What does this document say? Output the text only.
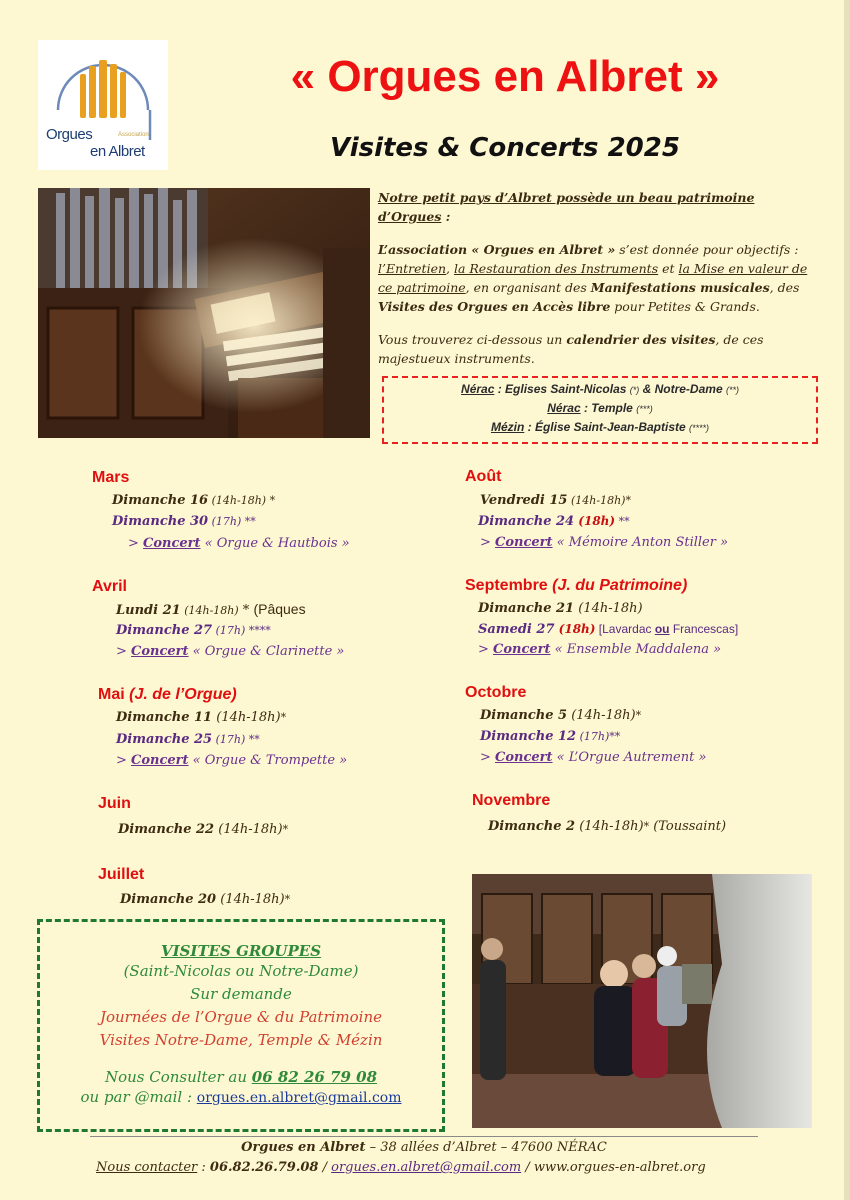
Orgues	Association
en Albret
« Orgues en Albret »
Visites & Concerts 2025
Notre petit pays d’Albret possède un beau patrimoine d’Orgues :
L’association « Orgues en Albret » s’est donnée pour objectifs : l’Entretien, la Restauration des Instruments et la Mise en valeur de ce patrimoine, en organisant des Manifestations musicales, des Visites des Orgues en Accès libre pour Petites & Grands.
Vous trouverez ci-dessous un calendrier des visites, de ces majestueux instruments.
Nérac : Eglises Saint-Nicolas (*) & Notre-Dame (**)
Nérac : Temple (***)
Mézin : Église Saint-Jean-Baptiste (****)
Mars
Dimanche 16 (14h-18h) *
Dimanche 30 (17h) **
> Concert « Orgue & Hautbois »
Avril
Lundi 21 (14h-18h) * (Pâques
Dimanche 27 (17h) ****
> Concert « Orgue & Clarinette »
Mai (J. de l’Orgue)
Dimanche 11 (14h-18h)*
Dimanche 25 (17h) **
> Concert « Orgue & Trompette »
Juin
Dimanche 22 (14h-18h)*
Juillet
Dimanche 20 (14h-18h)*
Août
Vendredi 15 (14h-18h)*
Dimanche 24 (18h) **
> Concert « Mémoire Anton Stiller »
Septembre (J. du Patrimoine)
Dimanche 21 (14h-18h)
Samedi 27 (18h) [Lavardac ou Francescas]
> Concert « Ensemble Maddalena »
Octobre
Dimanche 5 (14h-18h)*
Dimanche 12 (17h)**
> Concert « L’Orgue Autrement »
Novembre
Dimanche 2 (14h-18h)* (Toussaint)
VISITES GROUPES
(Saint-Nicolas ou Notre-Dame)
Sur demande
Journées de l’Orgue & du Patrimoine
Visites Notre-Dame, Temple & Mézin
Nous Consulter au 06 82 26 79 08
ou par @mail : orgues.en.albret@gmail.com
Orgues en Albret – 38 allées d’Albret – 47600 NÉRAC
Nous contacter : 06.82.26.79.08 / orgues.en.albret@gmail.com / www.orgues-en-albret.org
